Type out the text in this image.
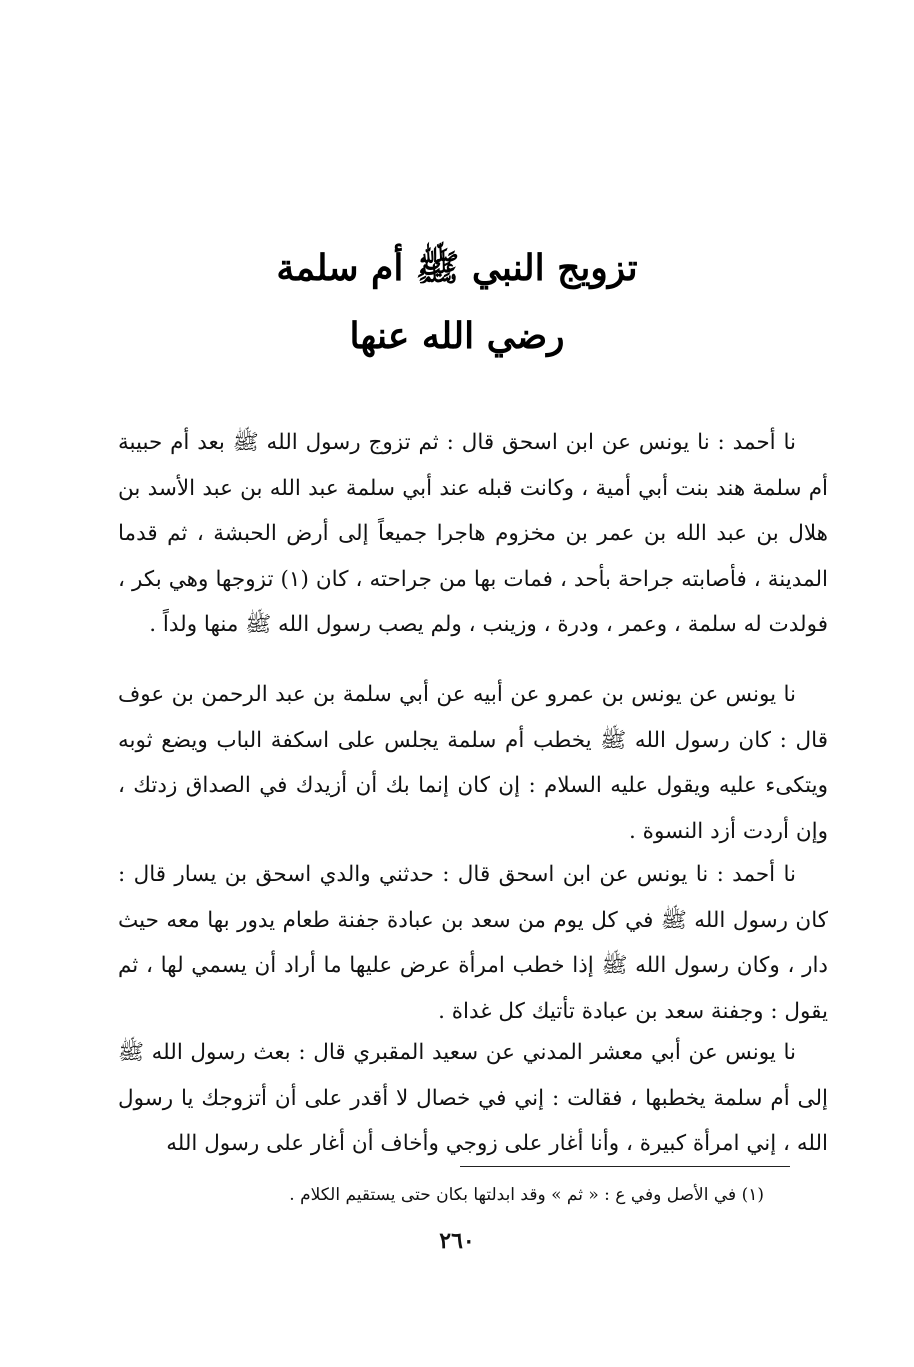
تزويج النبي ﷺ أم سلمة
رضي الله عنها

نا أحمد : نا يونس عن ابن اسحق قال : ثم تزوج رسول الله ﷺ بعد أم حبيبة أم سلمة هند بنت أبي أمية ، وكانت قبله عند أبي سلمة عبد الله بن عبد الأسد بن هلال بن عبد الله بن عمر بن مخزوم هاجرا جميعاً إلى أرض الحبشة ، ثم قدما المدينة ، فأصابته جراحة بأحد ، فمات بها من جراحته ، كان (١) تزوجها وهي بكر ، فولدت له سلمة ، وعمر ، ودرة ، وزينب ، ولم يصب رسول الله ﷺ منها ولداً .

نا يونس عن يونس بن عمرو عن أبيه عن أبي سلمة بن عبد الرحمن بن عوف قال : كان رسول الله ﷺ يخطب أم سلمة يجلس على اسكفة الباب ويضع ثوبه ويتكىء عليه ويقول عليه السلام : إن كان إنما بك أن أزيدك في الصداق زدتك ، وإن أردت أزد النسوة .

نا أحمد : نا يونس عن ابن اسحق قال : حدثني والدي اسحق بن يسار قال : كان رسول الله ﷺ في كل يوم من سعد بن عبادة جفنة طعام يدور بها معه حيث دار ، وكان رسول الله ﷺ إذا خطب امرأة عرض عليها ما أراد أن يسمي لها ، ثم يقول : وجفنة سعد بن عبادة تأتيك كل غداة .

نا يونس عن أبي معشر المدني عن سعيد المقبري قال : بعث رسول الله ﷺ إلى أم سلمة يخطبها ، فقالت : إني في خصال لا أقدر على أن أتزوجك يا رسول الله ، إني امرأة كبيرة ، وأنا أغار على زوجي وأخاف أن أغار على رسول الله

(١) في الأصل وفي ع : « ثم » وقد ابدلتها بكان حتى يستقيم الكلام .
٢٦٠
